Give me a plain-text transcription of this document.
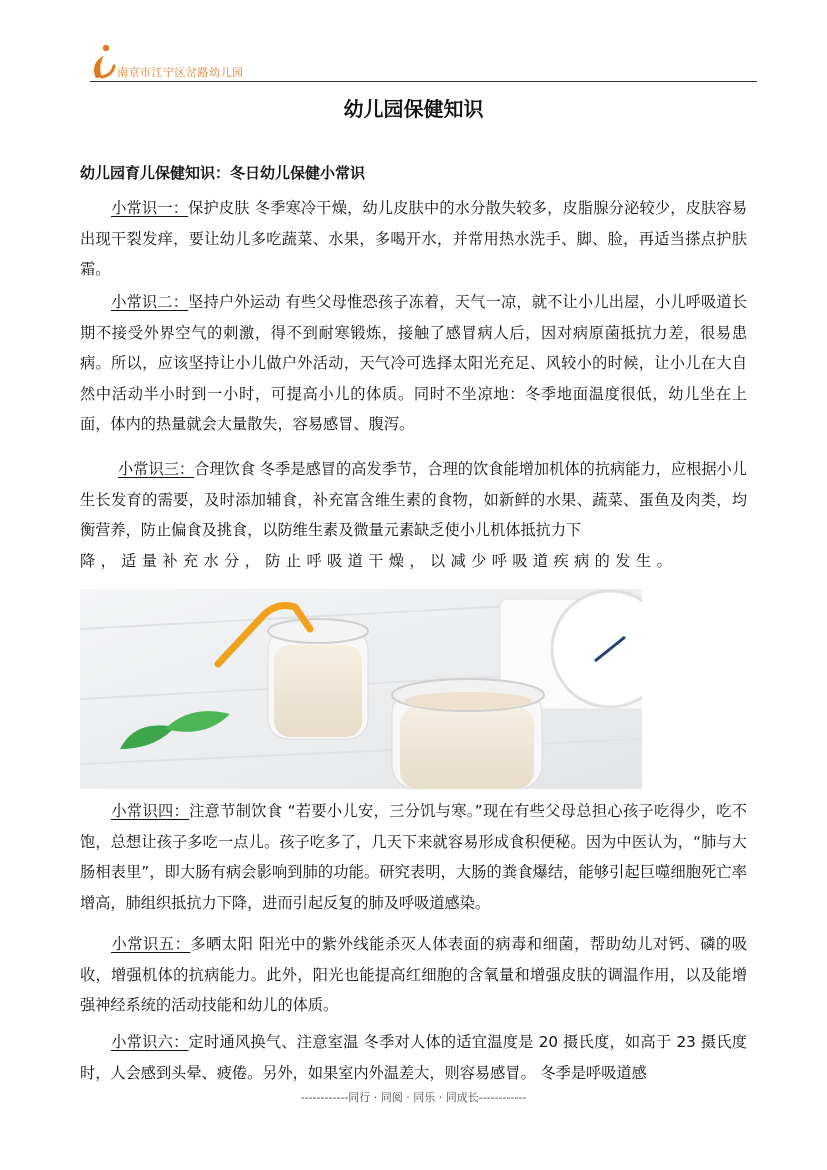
南京市江宁区岔路幼儿园
幼儿园保健知识
幼儿园育儿保健知识：冬日幼儿保健小常识
小常识一：保护皮肤 冬季寒冷干燥，幼儿皮肤中的水分散失较多，皮脂腺分泌较少，皮肤容易出现干裂发痒，要让幼儿多吃蔬菜、水果，多喝开水，并常用热水洗手、脚、脸，再适当搽点护肤霜。
小常识二：坚持户外运动 有些父母惟恐孩子冻着，天气一凉，就不让小儿出屋，小儿呼吸道长期不接受外界空气的刺激，得不到耐寒锻炼，接触了感冒病人后，因对病原菌抵抗力差，很易患病。所以，应该坚持让小儿做户外活动，天气冷可选择太阳光充足、风较小的时候，让小儿在大自然中活动半小时到一小时，可提高小儿的体质。同时不坐凉地：冬季地面温度很低，幼儿坐在上面，体内的热量就会大量散失，容易感冒、腹泻。
小常识三：合理饮食 冬季是感冒的高发季节，合理的饮食能增加机体的抗病能力，应根据小儿生长发育的需要，及时添加辅食，补充富含维生素的食物，如新鲜的水果、蔬菜、蛋鱼及肉类，均衡营养，防止偏食及挑食，以防维生素及微量元素缺乏使小儿机体抵抗力下
降，适量补充水分，防止呼吸道干燥，以减少呼吸道疾病的发生。
小常识四：注意节制饮食 “若要小儿安，三分饥与寒。”现在有些父母总担心孩子吃得少，吃不饱，总想让孩子多吃一点儿。孩子吃多了，几天下来就容易形成食积便秘。因为中医认为，“肺与大肠相表里”，即大肠有病会影响到肺的功能。研究表明，大肠的粪食爆结，能够引起巨噬细胞死亡率增高，肺组织抵抗力下降，进而引起反复的肺及呼吸道感染。
小常识五：多晒太阳 阳光中的紫外线能杀灭人体表面的病毒和细菌，帮助幼儿对钙、磷的吸收，增强机体的抗病能力。此外，阳光也能提高红细胞的含氧量和增强皮肤的调温作用，以及能增强神经系统的活动技能和幼儿的体质。
小常识六：定时通风换气、注意室温 冬季对人体的适宜温度是 20 摄氏度，如高于 23 摄氏度时，人会感到头晕、疲倦。另外，如果室内外温差大，则容易感冒。 冬季是呼吸道感
------------同行 · 同阅 · 同乐 · 同成长------------
